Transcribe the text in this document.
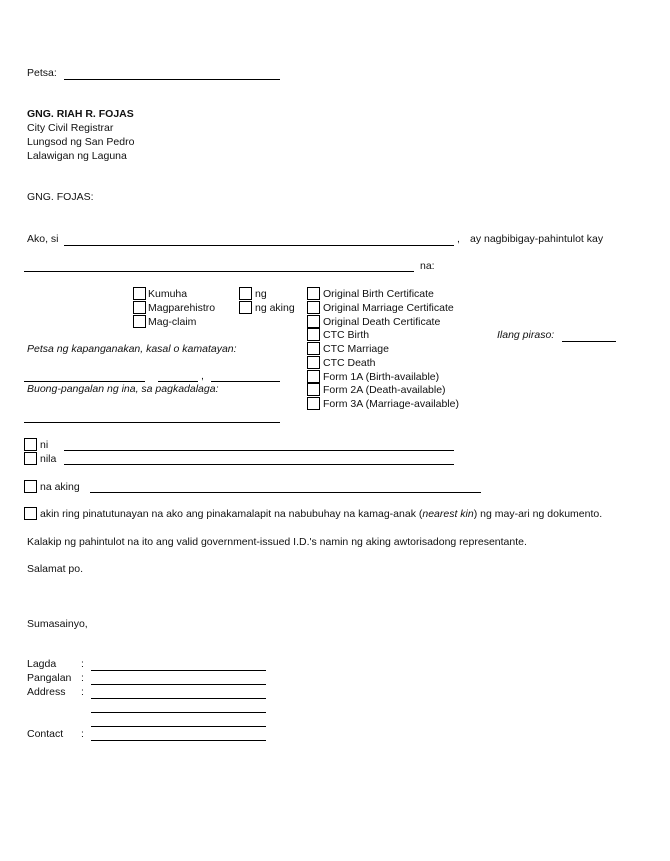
Petsa:
GNG. RIAH R. FOJAS
City Civil Registrar
Lungsod ng San Pedro
Lalawigan ng Laguna
GNG. FOJAS:
Ako, si	, ay nagbibigay-pahintulot kay
na:
Kumuha
Magparehistro
Mag-claim
ng
ng aking
Original Birth Certificate
Original Marriage Certificate
Original Death Certificate
CTC Birth
CTC Marriage
CTC Death
Form 1A (Birth-available)
Form 2A (Death-available)
Form 3A (Marriage-available)
Ilang piraso:
Petsa ng kapanganakan, kasal o kamatayan:
,
Buong-pangalan ng ina, sa pagkadalaga:
ni
nila
na aking
akin ring pinatutunayan na ako ang pinakamalapit na nabubuhay na kamag-anak (nearest kin) ng may-ari ng dokumento.
Kalakip ng pahintulot na ito ang valid government-issued I.D.'s namin ng aking awtorisadong representante.
Salamat po.
Sumasainyo,
Lagda :
Pangalan :
Address :
Contact :
